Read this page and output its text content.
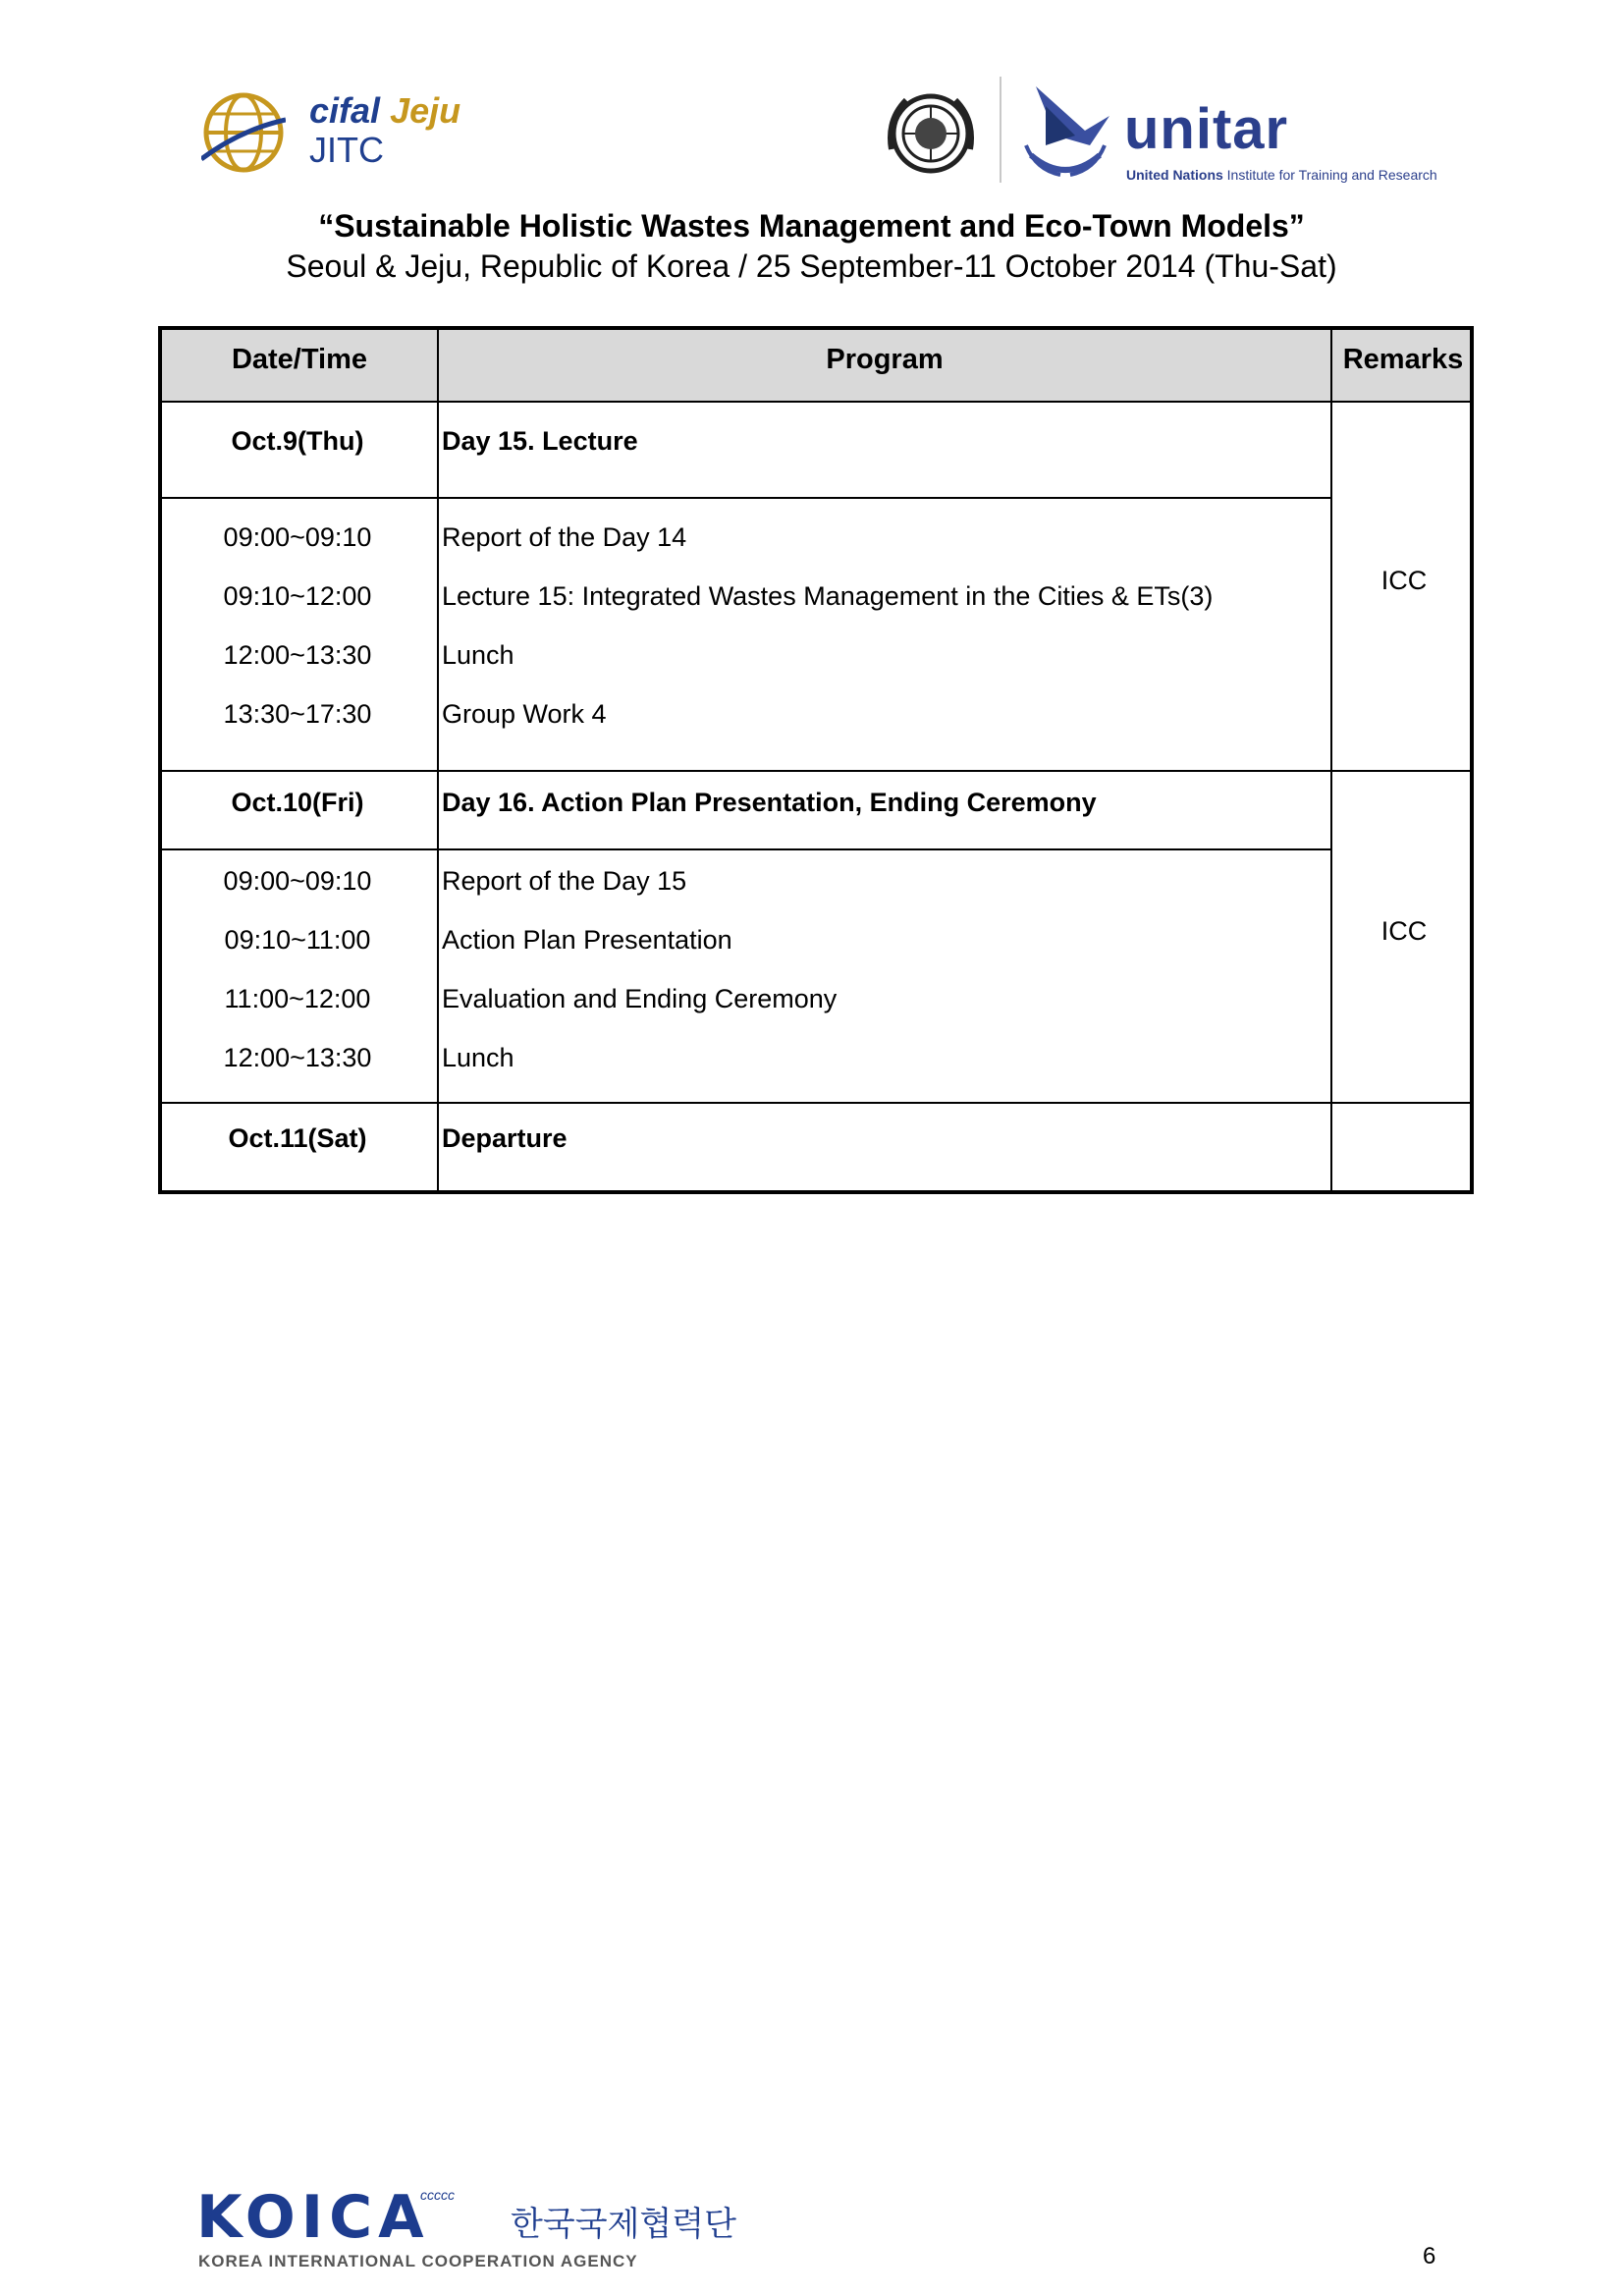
cifal Jeju
JITC	unitar
United Nations Institute for Training and Research
“Sustainable Holistic Wastes Management and Eco-Town Models”
Seoul & Jeju, Republic of Korea / 25 September-11 October 2014 (Thu-Sat)
Date/Time	Program	Remarks
Oct.9(Thu)	Day 15. Lecture
09:00~09:10	Report of the Day 14
09:10~12:00	Lecture 15: Integrated Wastes Management in the Cities & ETs(3)
12:00~13:30	Lunch
13:30~17:30	Group Work 4
ICC
Oct.10(Fri)	Day 16. Action Plan Presentation, Ending Ceremony
09:00~09:10	Report of the Day 15
09:10~11:00	Action Plan Presentation
11:00~12:00	Evaluation and Ending Ceremony
12:00~13:30	Lunch
ICC
Oct.11(Sat)	Departure
KOICA
ccccc
한국국제협력단
KOREA INTERNATIONAL COOPERATION AGENCY	6
